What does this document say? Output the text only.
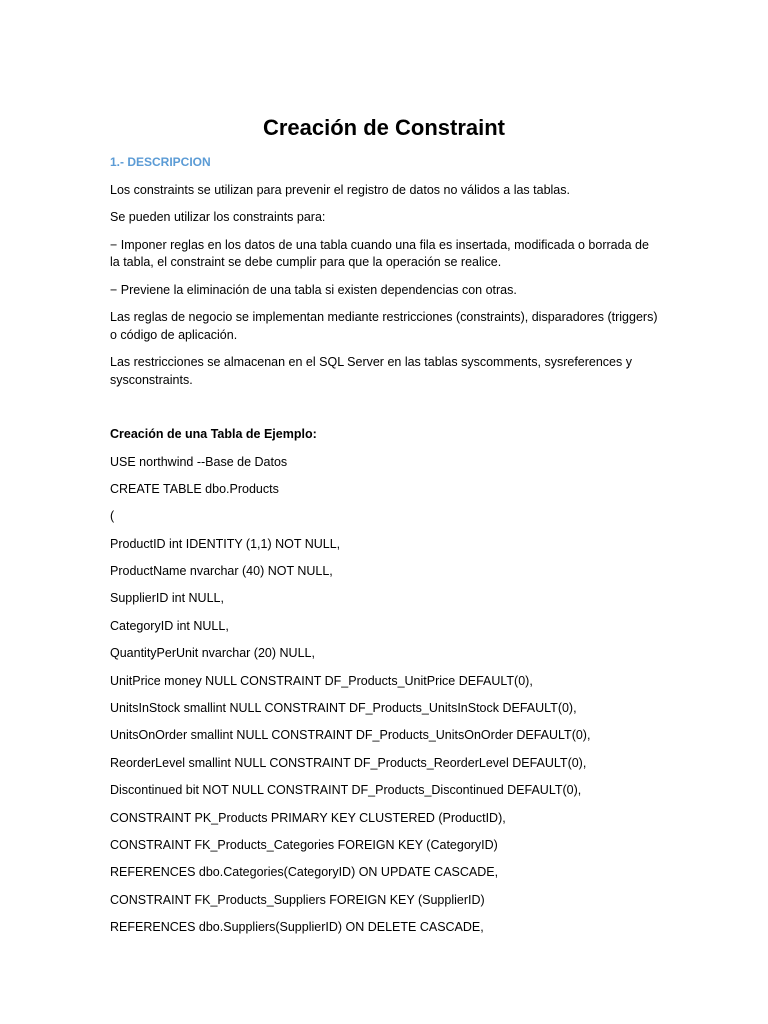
Creación de Constraint

1.- DESCRIPCION

Los constraints se utilizan para prevenir el registro de datos no válidos a las tablas.

Se pueden utilizar los constraints para:

− Imponer reglas en los datos de una tabla cuando una fila es insertada, modificada o borrada de la tabla, el constraint se debe cumplir para que la operación se realice.

− Previene la eliminación de una tabla si existen dependencias con otras.

Las reglas de negocio se implementan mediante restricciones (constraints), disparadores (triggers) o código de aplicación.

Las restricciones se almacenan en el SQL Server en las tablas syscomments, sysreferences y sysconstraints.

Creación de una Tabla de Ejemplo:

USE northwind --Base de Datos

CREATE TABLE dbo.Products

(

ProductID int IDENTITY (1,1) NOT NULL,

ProductName nvarchar (40) NOT NULL,

SupplierID int NULL,

CategoryID int NULL,

QuantityPerUnit nvarchar (20) NULL,

UnitPrice money NULL CONSTRAINT DF_Products_UnitPrice DEFAULT(0),

UnitsInStock smallint NULL CONSTRAINT DF_Products_UnitsInStock DEFAULT(0),

UnitsOnOrder smallint NULL CONSTRAINT DF_Products_UnitsOnOrder DEFAULT(0),

ReorderLevel smallint NULL CONSTRAINT DF_Products_ReorderLevel DEFAULT(0),

Discontinued bit NOT NULL CONSTRAINT DF_Products_Discontinued DEFAULT(0),

CONSTRAINT PK_Products PRIMARY KEY CLUSTERED (ProductID),

CONSTRAINT FK_Products_Categories FOREIGN KEY (CategoryID)

REFERENCES dbo.Categories(CategoryID) ON UPDATE CASCADE,

CONSTRAINT FK_Products_Suppliers FOREIGN KEY (SupplierID)

REFERENCES dbo.Suppliers(SupplierID) ON DELETE CASCADE,
